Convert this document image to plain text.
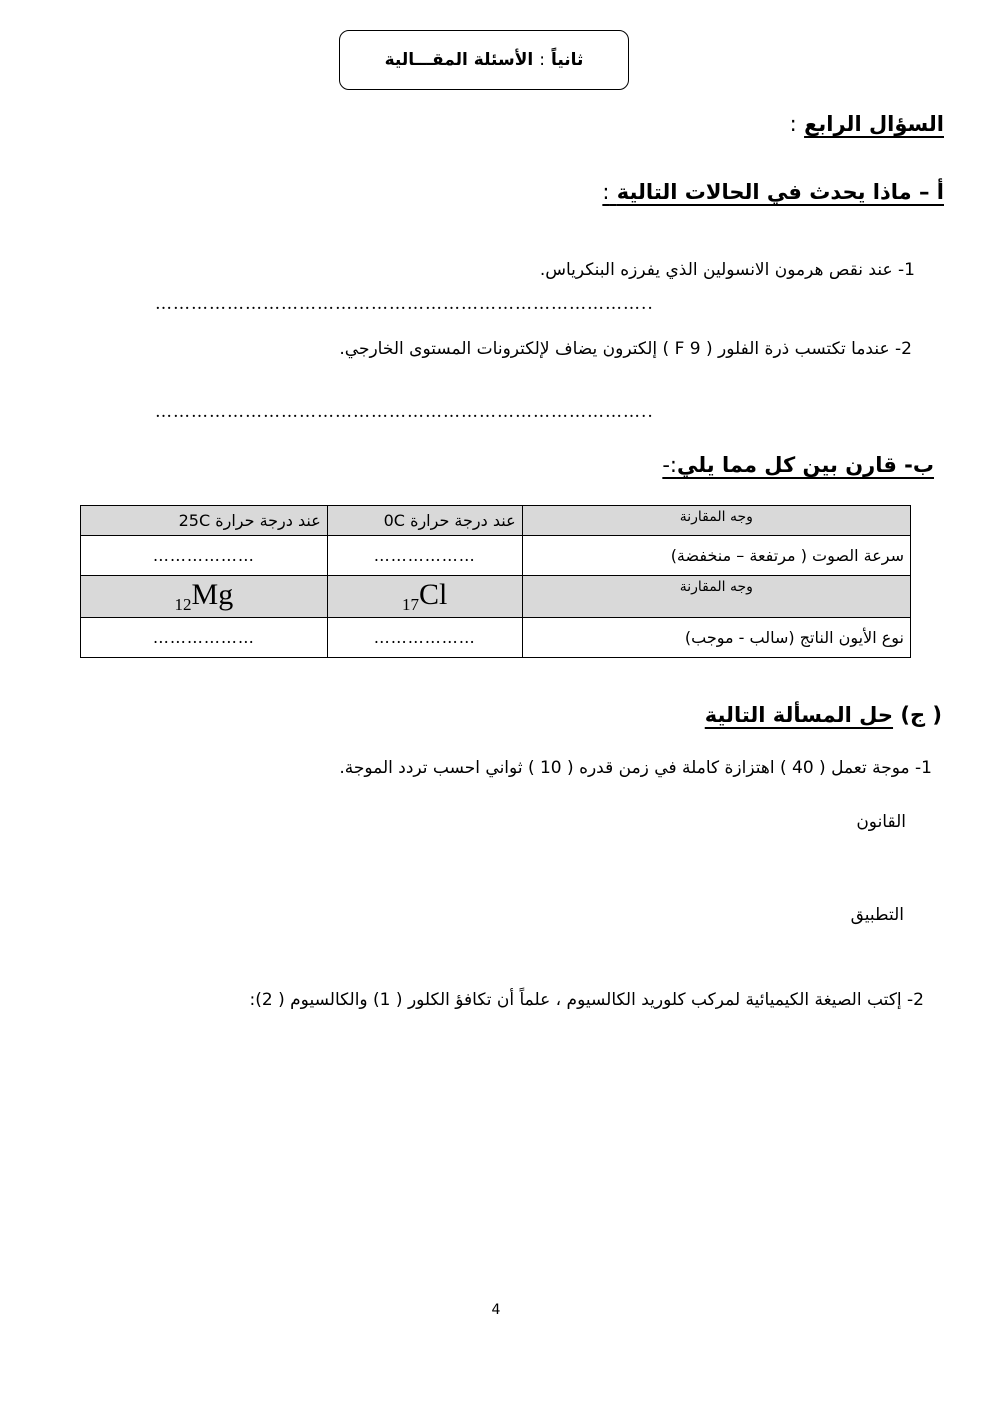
ثانياً
:
الأسئلة المقـــالية
السؤال الرابع :
أ – ماذا يحدث في الحالات التالية :
1- عند نقص هرمون الانسولين الذي يفرزه البنكرياس.
………………………………………………………………………..
2- عندما تكتسب ذرة الفلور ( F 9 ) إلكترون يضاف لإلكترونات المستوى الخارجي.
………………………………………………………………………..
ب- قارن بين كل مما يلي:-
وجه المقارنة	عند درجة حرارة 0C	عند درجة حرارة 25C
سرعة الصوت ( مرتفعة – منخفضة)	………………	………………
وجه المقارنة	$_{17}$Cl	$_{12}$Mg

نوع الأيون الناتج (سالب - موجب)	………………	………………
( ج) حل المسألة التالية
1- موجة تعمل ( 40 ) اهتزازة كاملة في زمن قدره ( 10 ) ثواني احسب تردد الموجة.
القانون
التطبيق
2- إكتب الصيغة الكيميائية لمركب كلوريد الكالسيوم ، علماً أن تكافؤ الكلور ( 1) والكالسيوم ( 2):
4
